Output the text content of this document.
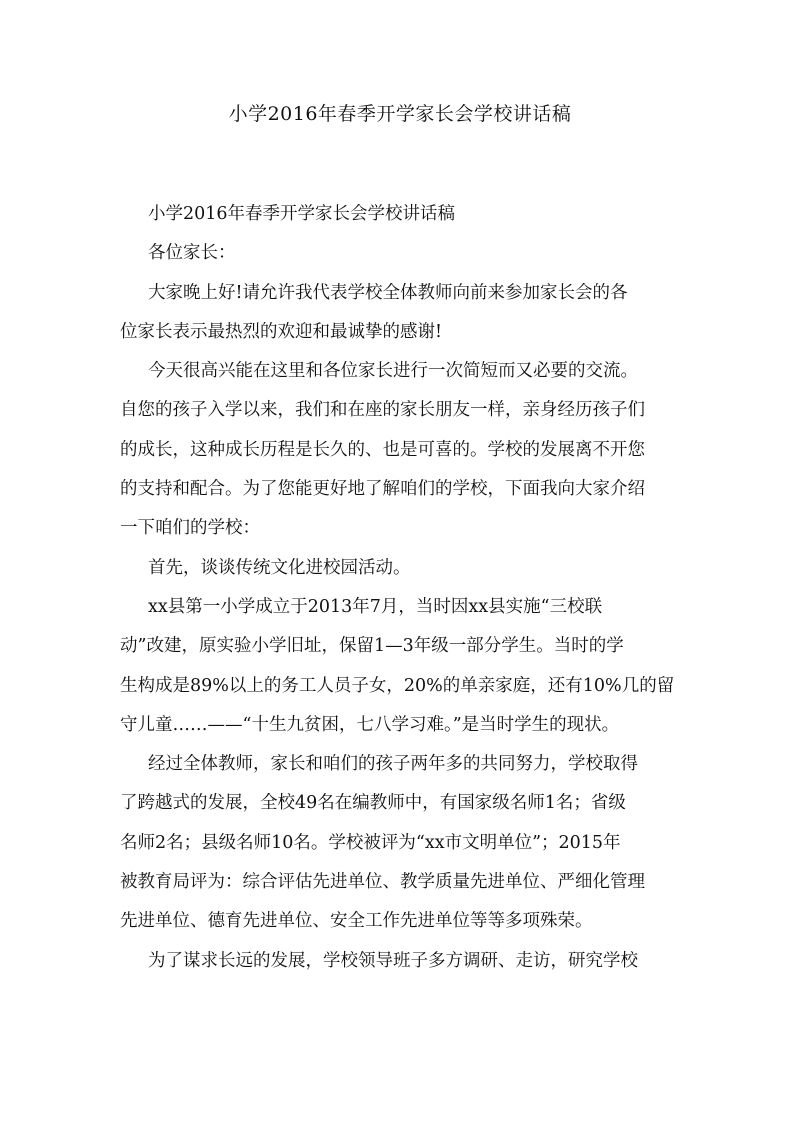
小学2016年春季开学家长会学校讲话稿
小学2016年春季开学家长会学校讲话稿
各位家长：
大家晚上好!请允许我代表学校全体教师向前来参加家长会的各
位家长表示最热烈的欢迎和最诚挚的感谢!
今天很高兴能在这里和各位家长进行一次简短而又必要的交流。
自您的孩子入学以来，我们和在座的家长朋友一样，亲身经历孩子们
的成长，这种成长历程是长久的、也是可喜的。学校的发展离不开您
的支持和配合。为了您能更好地了解咱们的学校，下面我向大家介绍
一下咱们的学校：
首先，谈谈传统文化进校园活动。
xx县第一小学成立于2013年7月，当时因xx县实施“三校联
动”改建，原实验小学旧址，保留1—3年级一部分学生。当时的学
生构成是89%以上的务工人员子女，20%的单亲家庭，还有10%几的留
守儿童……——“十生九贫困，七八学习难。”是当时学生的现状。
经过全体教师，家长和咱们的孩子两年多的共同努力，学校取得
了跨越式的发展，全校49名在编教师中，有国家级名师1名；省级
名师2名；县级名师10名。学校被评为“xx市文明单位”；2015年
被教育局评为：综合评估先进单位、教学质量先进单位、严细化管理
先进单位、德育先进单位、安全工作先进单位等等多项殊荣。
为了谋求长远的发展，学校领导班子多方调研、走访，研究学校
